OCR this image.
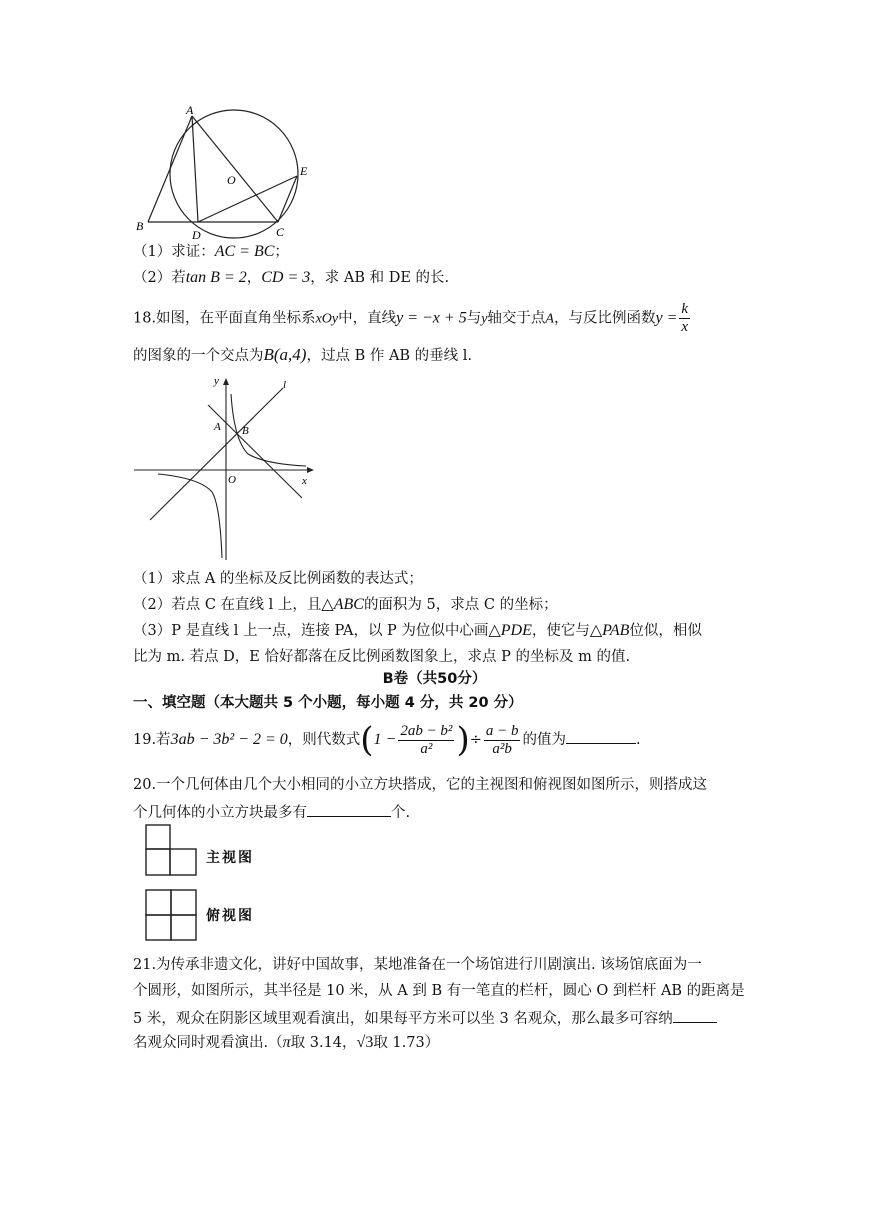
A
O
E
B
D	C
（1）求证：AC = BC；
（2）若tan B = 2，CD = 3，求 AB 和 DE 的长.
18.如图，在平面直角坐标系xOy中，直线y = −x + 5与y轴交于点A，与反比例函数$y = \frac{k}{x}$
的图象的一个交点为B(a,4)，过点 B 作 AB 的垂线 l.
y	l
A B
O	x
（1）求点 A 的坐标及反比例函数的表达式；
（2）若点 C 在直线 l 上，且△ABC的面积为 5，求点 C 的坐标；
（3）P 是直线 l 上一点，连接 PA，以 P 为位似中心画△PDE，使它与△PAB位似，相似
比为 m. 若点 D，E 恰好都落在反比例函数图象上，求点 P 的坐标及 m 的值.
B卷（共50分）
一、填空题（本大题共 5 个小题，每小题 4 分，共 20 分）
19.若3ab − 3b² − 2 = 0，则代数式($1 - \frac{\text{2ab − b²}}{\text{a²}}$ )÷ $\frac{a - b}{\text{a²b}}$ 的值为	.
20.一个几何体由几个大小相同的小立方块搭成，它的主视图和俯视图如图所示，则搭成这
个几何体的小立方块最多有	个.
主视图
俯视图
21.为传承非遗文化，讲好中国故事，某地准备在一个场馆进行川剧演出. 该场馆底面为一
个圆形，如图所示，其半径是 10 米，从 A 到 B 有一笔直的栏杆，圆心 O 到栏杆 AB 的距离是
5 米，观众在阴影区域里观看演出，如果每平方米可以坐 3 名观众，那么最多可容纳
名观众同时观看演出.（π取 3.14，√3取 1.73）
